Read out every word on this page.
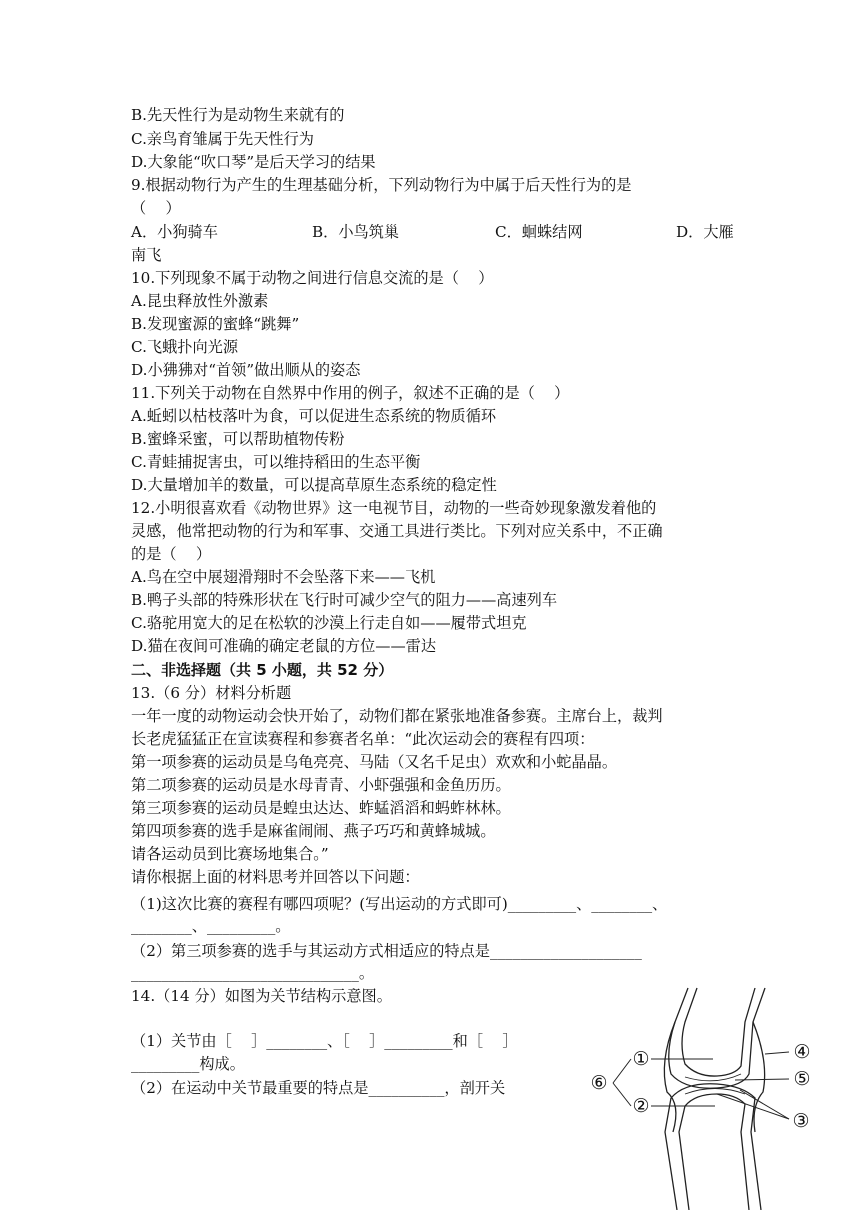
B.先天性行为是动物生来就有的
C.亲鸟育雏属于先天性行为
D.大象能“吹口琴”是后天学习的结果
9.根据动物行为产生的生理基础分析，下列动物行为中属于后天性行为的是
（    ）
A．小狗骑车	B．小鸟筑巢	C．蛔蛛结网	D．大雁
南飞
10.下列现象不属于动物之间进行信息交流的是（    ）
A.昆虫释放性外激素
B.发现蜜源的蜜蜂“跳舞”
C.飞蛾扑向光源
D.小狒狒对“首领”做出顺从的姿态
11.下列关于动物在自然界中作用的例子，叙述不正确的是（    ）
A.蚯蚓以枯枝落叶为食，可以促进生态系统的物质循环
B.蜜蜂采蜜，可以帮助植物传粉
C.青蛙捕捉害虫，可以维持稻田的生态平衡
D.大量增加羊的数量，可以提高草原生态系统的稳定性
12.小明很喜欢看《动物世界》这一电视节目，动物的一些奇妙现象激发着他的
灵感，他常把动物的行为和军事、交通工具进行类比。下列对应关系中，不正确
的是（    ）
A.鸟在空中展翅滑翔时不会坠落下来——飞机
B.鸭子头部的特殊形状在飞行时可减少空气的阻力——高速列车
C.骆驼用宽大的足在松软的沙漠上行走自如——履带式坦克
D.猫在夜间可准确的确定老鼠的方位——雷达
二、非选择题（共 5 小题，共 52 分）
13.（6 分）材料分析题
一年一度的动物运动会快开始了，动物们都在紧张地准备参赛。主席台上，裁判
长老虎猛猛正在宣读赛程和参赛者名单：“此次运动会的赛程有四项：
第一项参赛的运动员是乌龟亮亮、马陆（又名千足虫）欢欢和小蛇晶晶。
第二项参赛的运动员是水母青青、小虾强强和金鱼历历。
第三项参赛的运动员是蝗虫达达、蚱蜢滔滔和蚂蚱林林。
第四项参赛的选手是麻雀闹闹、燕子巧巧和黄蜂城城。
请各运动员到比赛场地集合。”
请你根据上面的材料思考并回答以下问题：
（1)这次比赛的赛程有哪四项呢？(写出运动的方式即可)_________、________、
________、_________。
（2）第三项参赛的选手与其运动方式相适应的特点是____________________
______________________________。
14.（14 分）如图为关节结构示意图。
（1）关节由［    ］________、［    ］_________和［    ］
_________构成。
（2）在运动中关节最重要的特点是__________，剖开关
①
②
③
④
⑤
⑥
